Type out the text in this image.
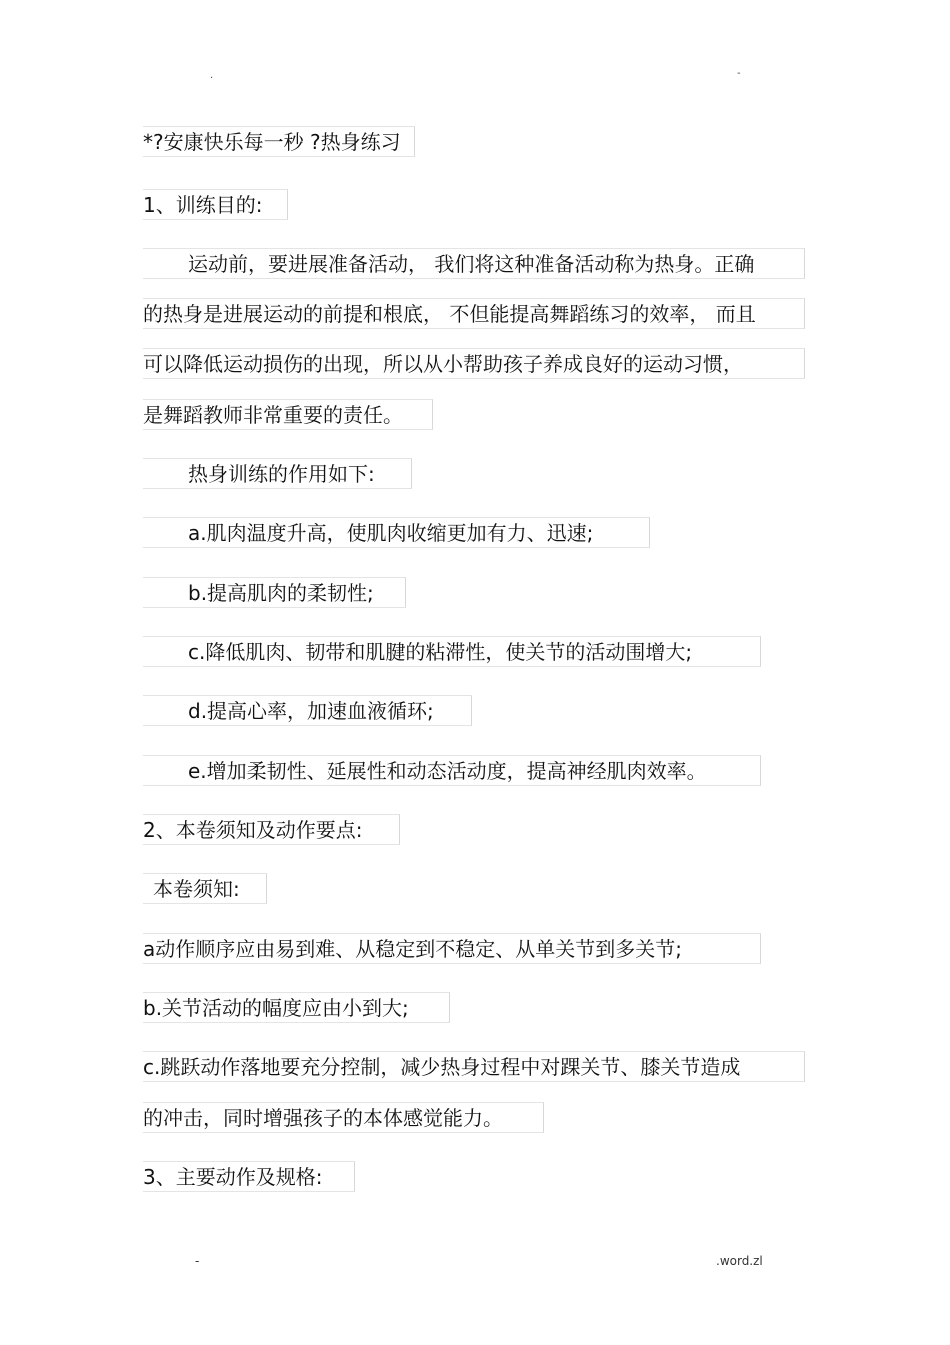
.	-
*?安康快乐每一秒 ?热身练习
1、训练目的:
运动前，要进展准备活动， 我们将这种准备活动称为热身。正确
的热身是进展运动的前提和根底， 不但能提高舞蹈练习的效率， 而且
可以降低运动损伤的出现，所以从小帮助孩子养成良好的运动习惯，
是舞蹈教师非常重要的责任。
热身训练的作用如下:
a.肌肉温度升高，使肌肉收缩更加有力、迅速;
b.提高肌肉的柔韧性;
c.降低肌肉、韧带和肌腱的粘滞性，使关节的活动围增大;
d.提高心率，加速血液循环;
e.增加柔韧性、延展性和动态活动度，提高神经肌肉效率。
2、本卷须知及动作要点:
本卷须知:
a动作顺序应由易到难、从稳定到不稳定、从单关节到多关节;
b.关节活动的幅度应由小到大;
c.跳跃动作落地要充分控制，减少热身过程中对踝关节、膝关节造成
的冲击，同时增强孩子的本体感觉能力。
3、主要动作及规格:
-	.word.zl
